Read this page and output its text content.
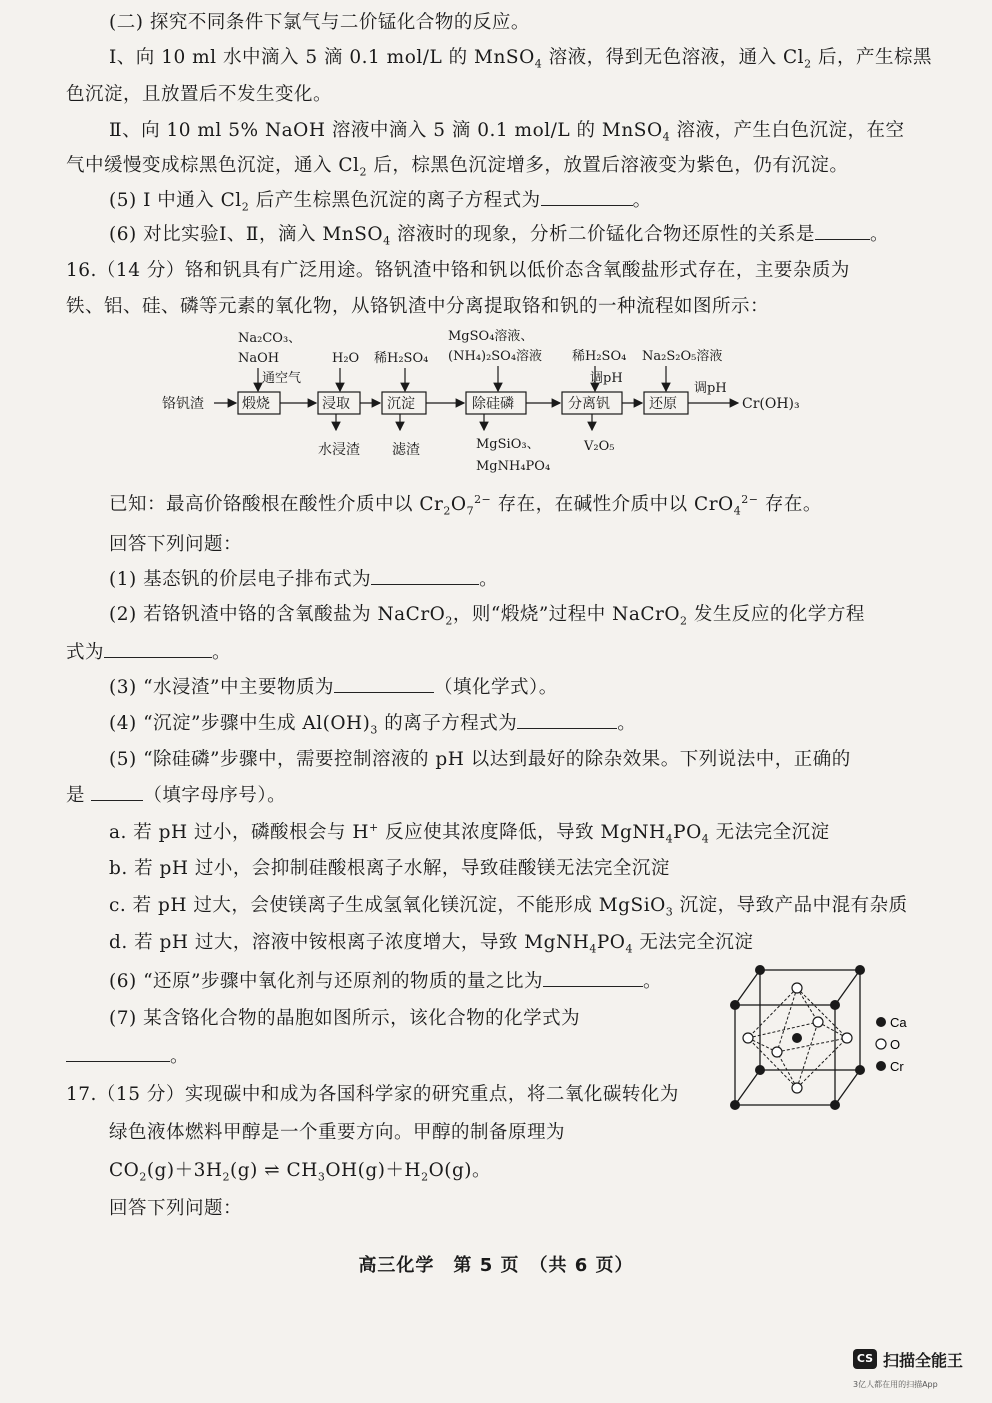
(二) 探究不同条件下氯气与二价锰化合物的反应。
Ⅰ、向 10 ml 水中滴入 5 滴 0.1 mol/L 的 MnSO$_4$ 溶液，得到无色溶液，通入 $Cl_2$ 后，产生棕黑
色沉淀，且放置后不发生变化。
Ⅱ、向 10 ml 5% NaOH 溶液中滴入 5 滴 0.1 mol/L 的 MnSO$_4$ 溶液，产生白色沉淀，在空
气中缓慢变成棕黑色沉淀，通入 $Cl_2$ 后，棕黑色沉淀增多，放置后溶液变为紫色，仍有沉淀。
(5) Ⅰ 中通入 $Cl_2$ 后产生棕黑色沉淀的离子方程式为	。
(6) 对比实验Ⅰ、Ⅱ，滴入 MnSO$_4$ 溶液时的现象，分析二价锰化合物还原性的关系是	。
16.（14 分）铬和钒具有广泛用途。铬钒渣中铬和钒以低价态含氧酸盐形式存在，主要杂质为
铁、铝、硅、磷等元素的氧化物，从铬钒渣中分离提取铬和钒的一种流程如图所示：
Na₂CO₃、
NaOH
通空气
H₂O 稀H₂SO₄
MgSO₄溶液、
(NH₄)₂SO₄溶液 稀H₂SO₄
调pH
Na₂S₂O₅溶液
调pH
铬钒渣	煅烧	浸取	沉淀	除硅磷	分离钒	还原	Cr(OH)₃
水浸渣 滤渣	MgSiO₃、
MgNH₄PO₄
V₂O₅
已知：最高价铬酸根在酸性介质中以 $Cr_2O_7^{2-}$ 存在，在碱性介质中以 CrO$_4^{2-}$ 存在。
回答下列问题：
(1) 基态钒的价层电子排布式为	。
(2) 若铬钒渣中铬的含氧酸盐为 NaCrO$_2$，则“煅烧”过程中 NaCrO$_2$ 发生反应的化学方程
式为	。
(3) “水浸渣”中主要物质为	（填化学式）。
(4) “沉淀”步骤中生成 $Al(OH)_3$ 的离子方程式为	。
(5) “除硅磷”步骤中，需要控制溶液的 pH 以达到最好的除杂效果。下列说法中，正确的
是	（填字母序号）。
a. 若 pH 过小，磷酸根会与 H+ 反应使其浓度降低，导致 $MgNH_4PO_4$ 无法完全沉淀
b. 若 pH 过小，会抑制硅酸根离子水解，导致硅酸镁无法完全沉淀
c. 若 pH 过大，会使镁离子生成氢氧化镁沉淀，不能形成 MgSiO$_3$ 沉淀，导致产品中混有杂质
d. 若 pH 过大，溶液中铵根离子浓度增大，导致 $MgNH_4PO_4$ 无法完全沉淀
(6) “还原”步骤中氧化剂与还原剂的物质的量之比为	。
(7) 某含铬化合物的晶胞如图所示，该化合物的化学式为
。
Ca
O
Cr
17.（15 分）实现碳中和成为各国科学家的研究重点，将二氧化碳转化为
绿色液体燃料甲醇是一个重要方向。甲醇的制备原理为
$CO_2(g)+3H_2(g)$ ⇌ $CH_3OH(g)+H_2O(g)$。
回答下列问题：
高三化学　第 5 页　（共 6 页）
CS 扫描全能王
3亿人都在用的扫描App
